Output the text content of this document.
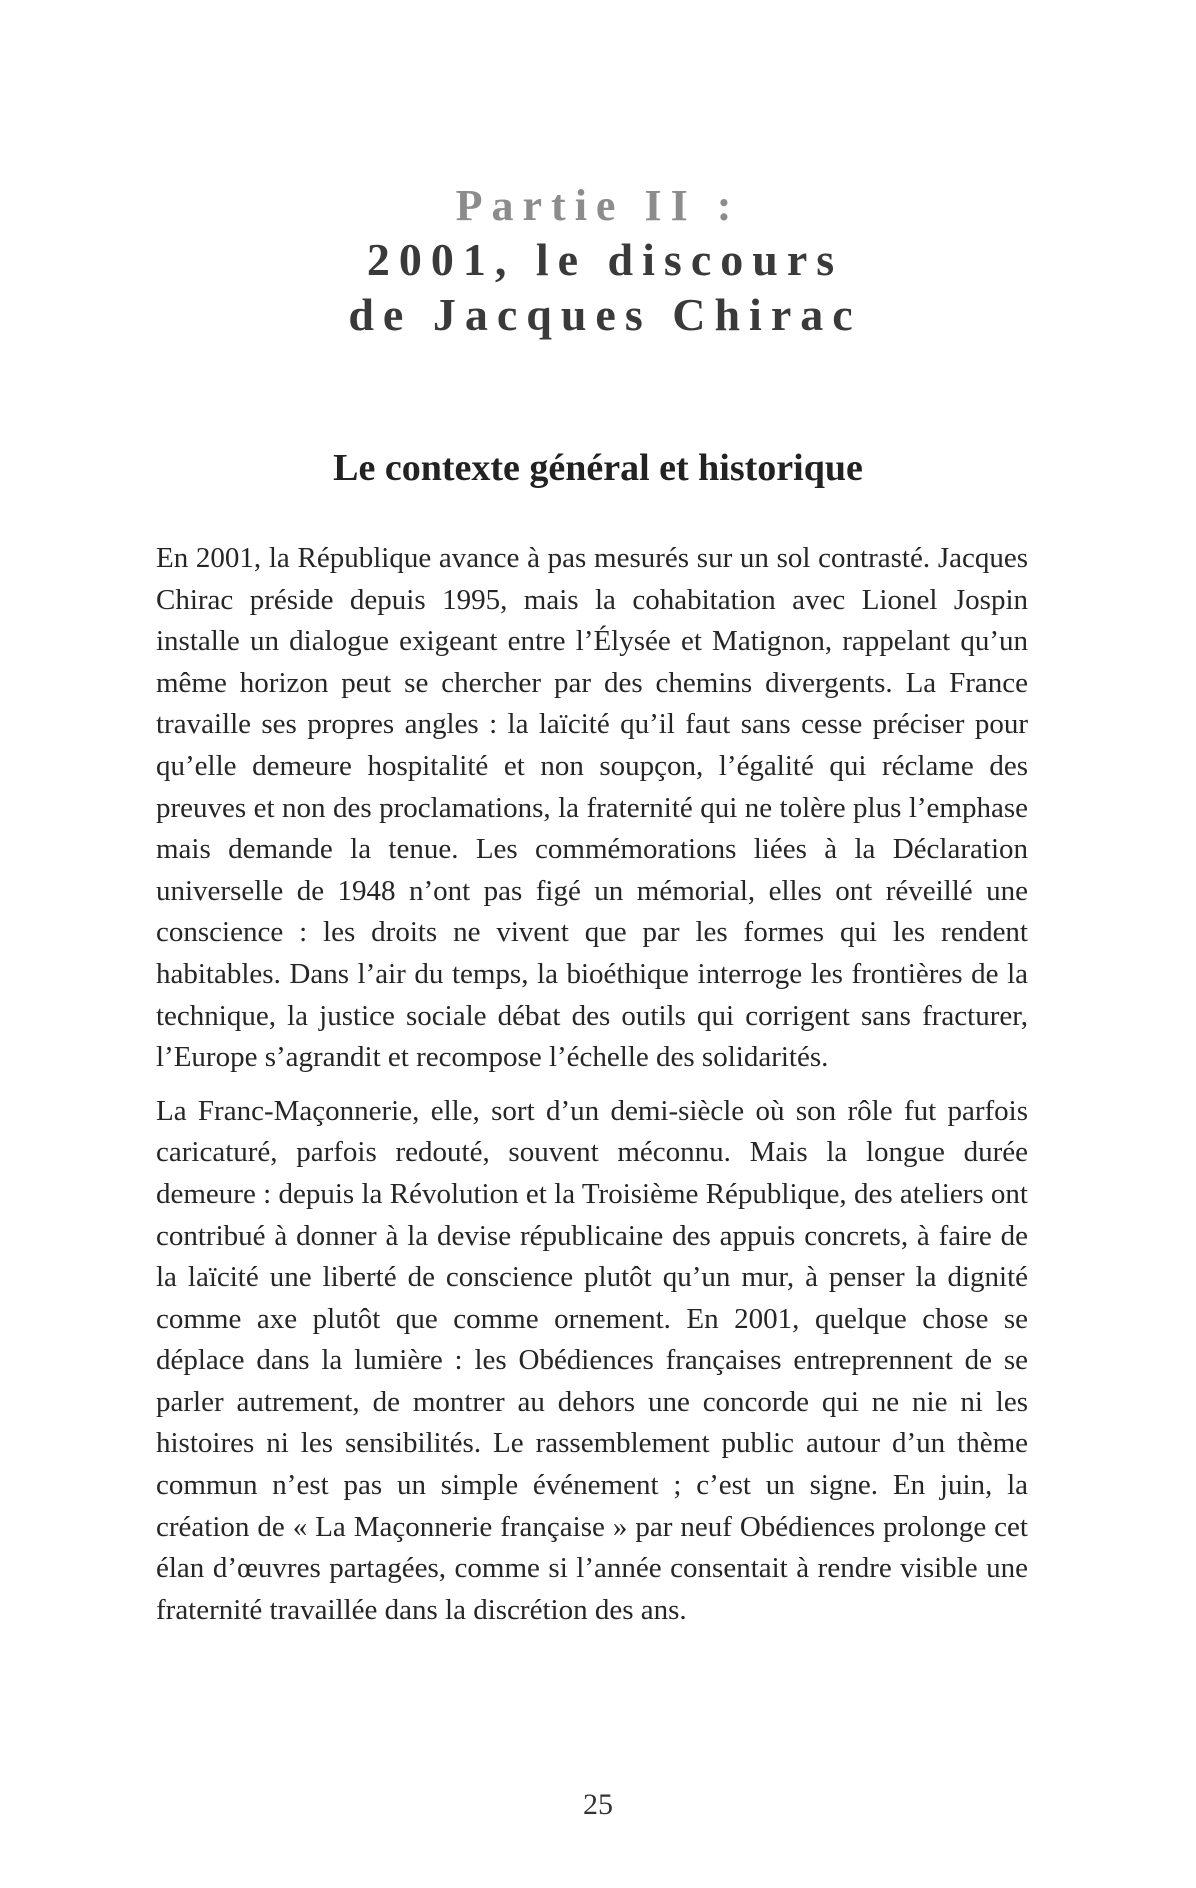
Partie II :
2001, le discours
de Jacques Chirac
Le contexte général et historique

En 2001, la République avance à pas mesurés sur un sol contrasté. Jacques Chirac préside depuis 1995, mais la cohabitation avec Lionel Jospin installe un dialogue exigeant entre l’Élysée et Matignon, rappelant qu’un même horizon peut se chercher par des chemins divergents. La France travaille ses propres angles : la laïcité qu’il faut sans cesse préciser pour qu’elle demeure hospitalité et non soupçon, l’égalité qui réclame des preuves et non des proclamations, la fraternité qui ne tolère plus l’emphase mais demande la tenue. Les commémorations liées à la Déclaration universelle de 1948 n’ont pas figé un mémorial, elles ont réveillé une conscience : les droits ne vivent que par les formes qui les rendent habitables. Dans l’air du temps, la bioéthique interroge les frontières de la technique, la justice sociale débat des outils qui corrigent sans fracturer, l’Europe s’agrandit et recompose l’échelle des solidarités.

La Franc-Maçonnerie, elle, sort d’un demi-siècle où son rôle fut parfois caricaturé, parfois redouté, souvent méconnu. Mais la longue durée demeure : depuis la Révolution et la Troisième République, des ateliers ont contribué à donner à la devise républicaine des appuis concrets, à faire de la laïcité une liberté de conscience plutôt qu’un mur, à penser la dignité comme axe plutôt que comme ornement. En 2001, quelque chose se déplace dans la lumière : les Obédiences françaises entreprennent de se parler autrement, de montrer au dehors une concorde qui ne nie ni les histoires ni les sensibilités. Le rassemblement public autour d’un thème commun n’est pas un simple événement ; c’est un signe. En juin, la création de « La Maçonnerie française » par neuf Obédiences prolonge cet élan d’œuvres partagées, comme si l’année consentait à rendre visible une fraternité travaillée dans la discrétion des ans.

25
